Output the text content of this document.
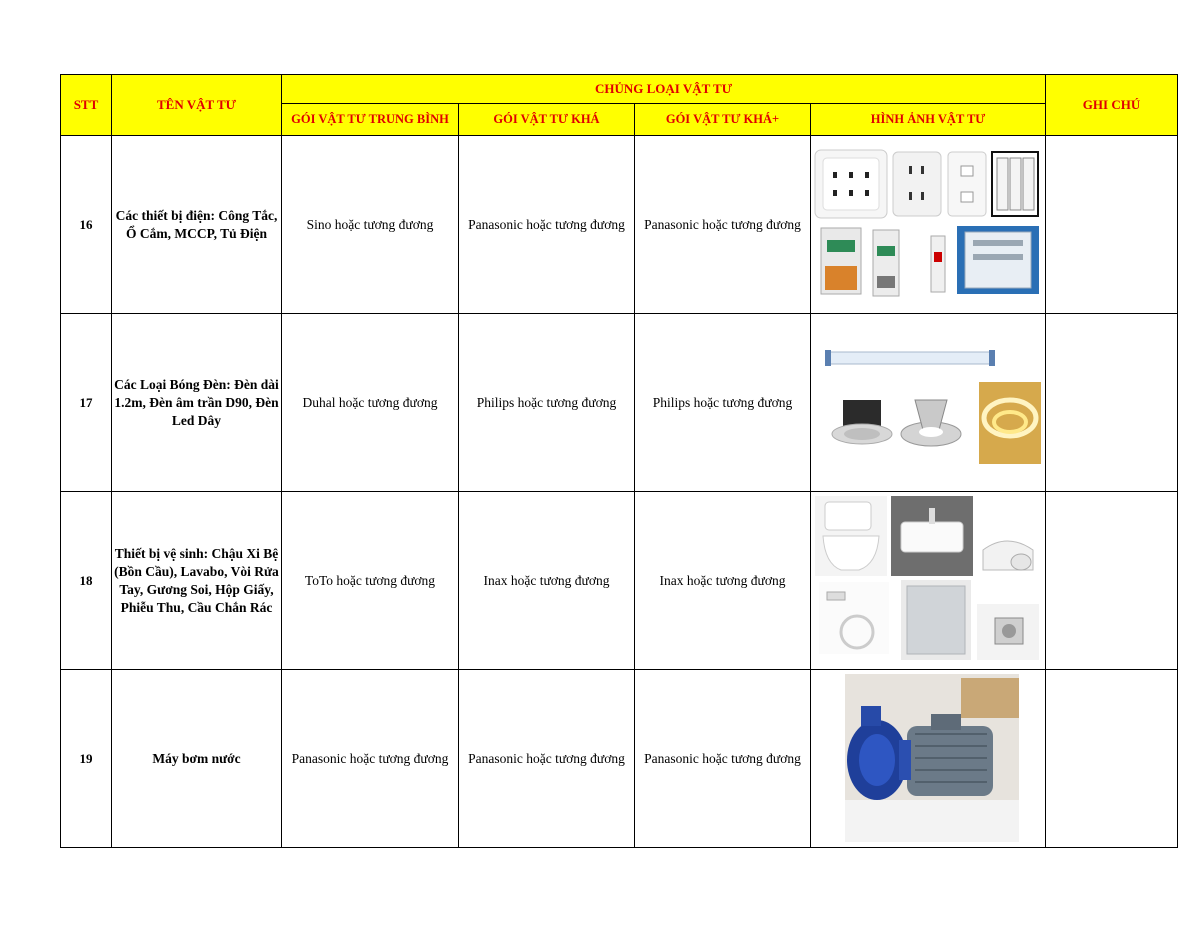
STT	TÊN VẬT TƯ	CHỦNG LOẠI VẬT TƯ				GHI CHÚ
		GÓI VẬT TƯ TRUNG BÌNH	GÓI VẬT TƯ KHÁ	GÓI VẬT TƯ KHÁ+	HÌNH ẢNH VẬT TƯ	
16	Các thiết bị điện: Công Tắc, Ổ Cắm, MCCP, Tủ Điện	Sino hoặc tương đương	Panasonic hoặc tương đương	Panasonic hoặc tương đương	

17	Các Loại Bóng Đèn: Đèn dài 1.2m, Đèn âm trần D90, Đèn Led Dây	Duhal hoặc tương đương	Philips hoặc tương đương	Philips hoặc tương đương	

18	Thiết bị vệ sinh: Chậu Xi Bệ (Bồn Cầu), Lavabo, Vòi Rửa Tay, Gương Soi, Hộp Giấy, Phiễu Thu, Cầu Chắn Rác	ToTo hoặc tương đương	Inax hoặc tương đương	Inax hoặc tương đương	

19	Máy bơm nước	Panasonic hoặc tương đương	Panasonic hoặc tương đương	Panasonic hoặc tương đương	
